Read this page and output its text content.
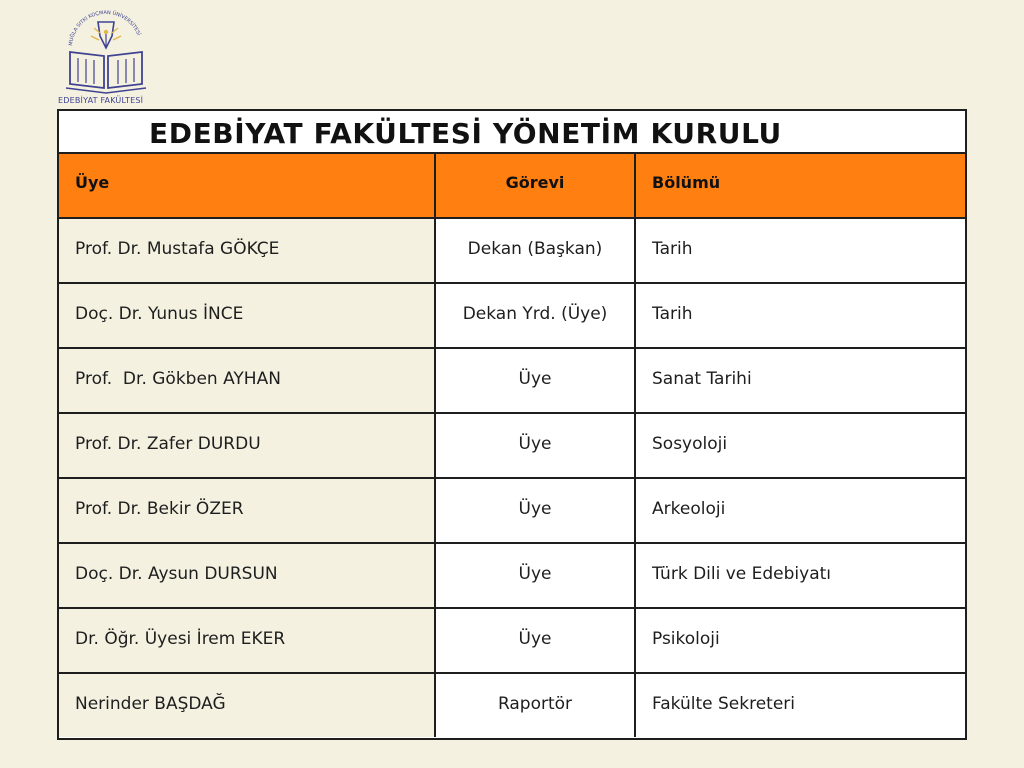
MUĞLA SITKI KOÇMAN ÜNİVERSİTESİ
EDEBİYAT FAKÜLTESİ
EDEBİYAT FAKÜLTESİ YÖNETİM KURULU
Üye	Görevi	Bölümü
Prof. Dr. Mustafa GÖKÇE	Dekan (Başkan)	Tarih
Doç. Dr. Yunus İNCE	Dekan Yrd. (Üye)	Tarih
Prof.  Dr. Gökben AYHAN	Üye	Sanat Tarihi
Prof. Dr. Zafer DURDU	Üye	Sosyoloji
Prof. Dr. Bekir ÖZER	Üye	Arkeoloji
Doç. Dr. Aysun DURSUN	Üye	Türk Dili ve Edebiyatı
Dr. Öğr. Üyesi İrem EKER	Üye	Psikoloji
Nerinder BAŞDAĞ	Raportör	Fakülte Sekreteri
